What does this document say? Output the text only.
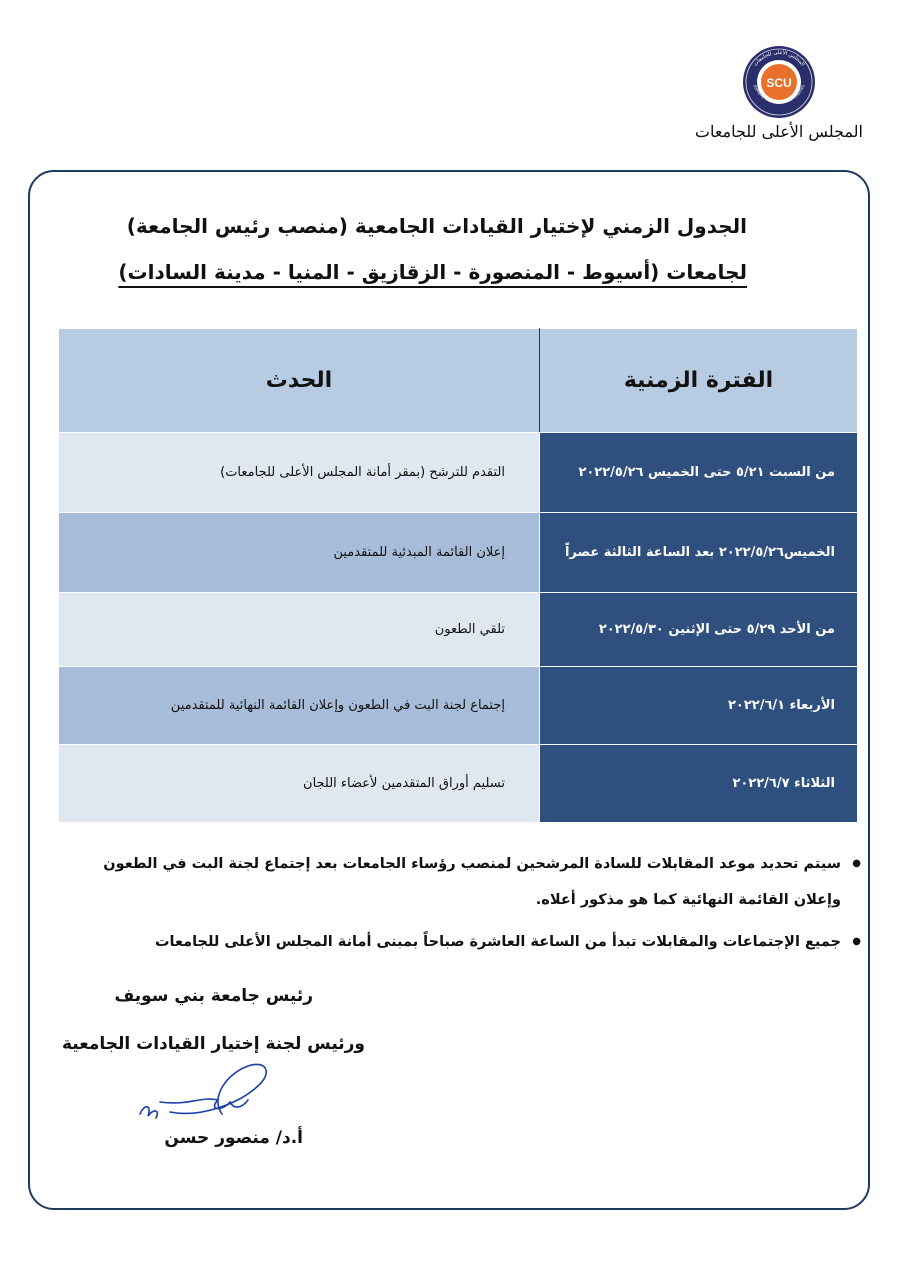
SCU
المجلس الأعلى للجامعات
SUPREME COUNCIL OF UNIVERSITIES
المجلس الأعلى للجامعات
الجدول الزمني لإختيار القيادات الجامعية (منصب رئيس الجامعة)
لجامعات (أسيوط - المنصورة - الزقازيق - المنيا - مدينة السادات)
الفترة الزمنية	الحدث
من السبت ٥/٢١ حتى الخميس ٢٠٢٢/٥/٢٦	التقدم للترشح (بمقر أمانة المجلس الأعلى للجامعات)
الخميس٢٠٢٢/٥/٢٦ بعد الساعة الثالثة عصراً	إعلان القائمة المبدئية للمتقدمين
من الأحد ٥/٢٩ حتى الإثنين ٢٠٢٢/٥/٣٠	تلقي الطعون
الأربعاء ٢٠٢٢/٦/١	إجتماع لجنة البت في الطعون وإعلان القائمة النهائية للمتقدمين
الثلاثاء ٢٠٢٢/٦/٧	تسليم أوراق المتقدمين لأعضاء اللجان
● سيتم تحديد موعد المقابلات للسادة المرشحين لمنصب رؤساء الجامعات بعد إجتماع لجنة البت في الطعون وإعلان القائمة النهائية كما هو مذكور أعلاه.
● جميع الإجتماعات والمقابلات تبدأ من الساعة العاشرة صباحاً بمبنى أمانة المجلس الأعلى للجامعات
رئيس جامعة بني سويف
ورئيس لجنة إختيار القيادات الجامعية
أ.د/ منصور حسن
